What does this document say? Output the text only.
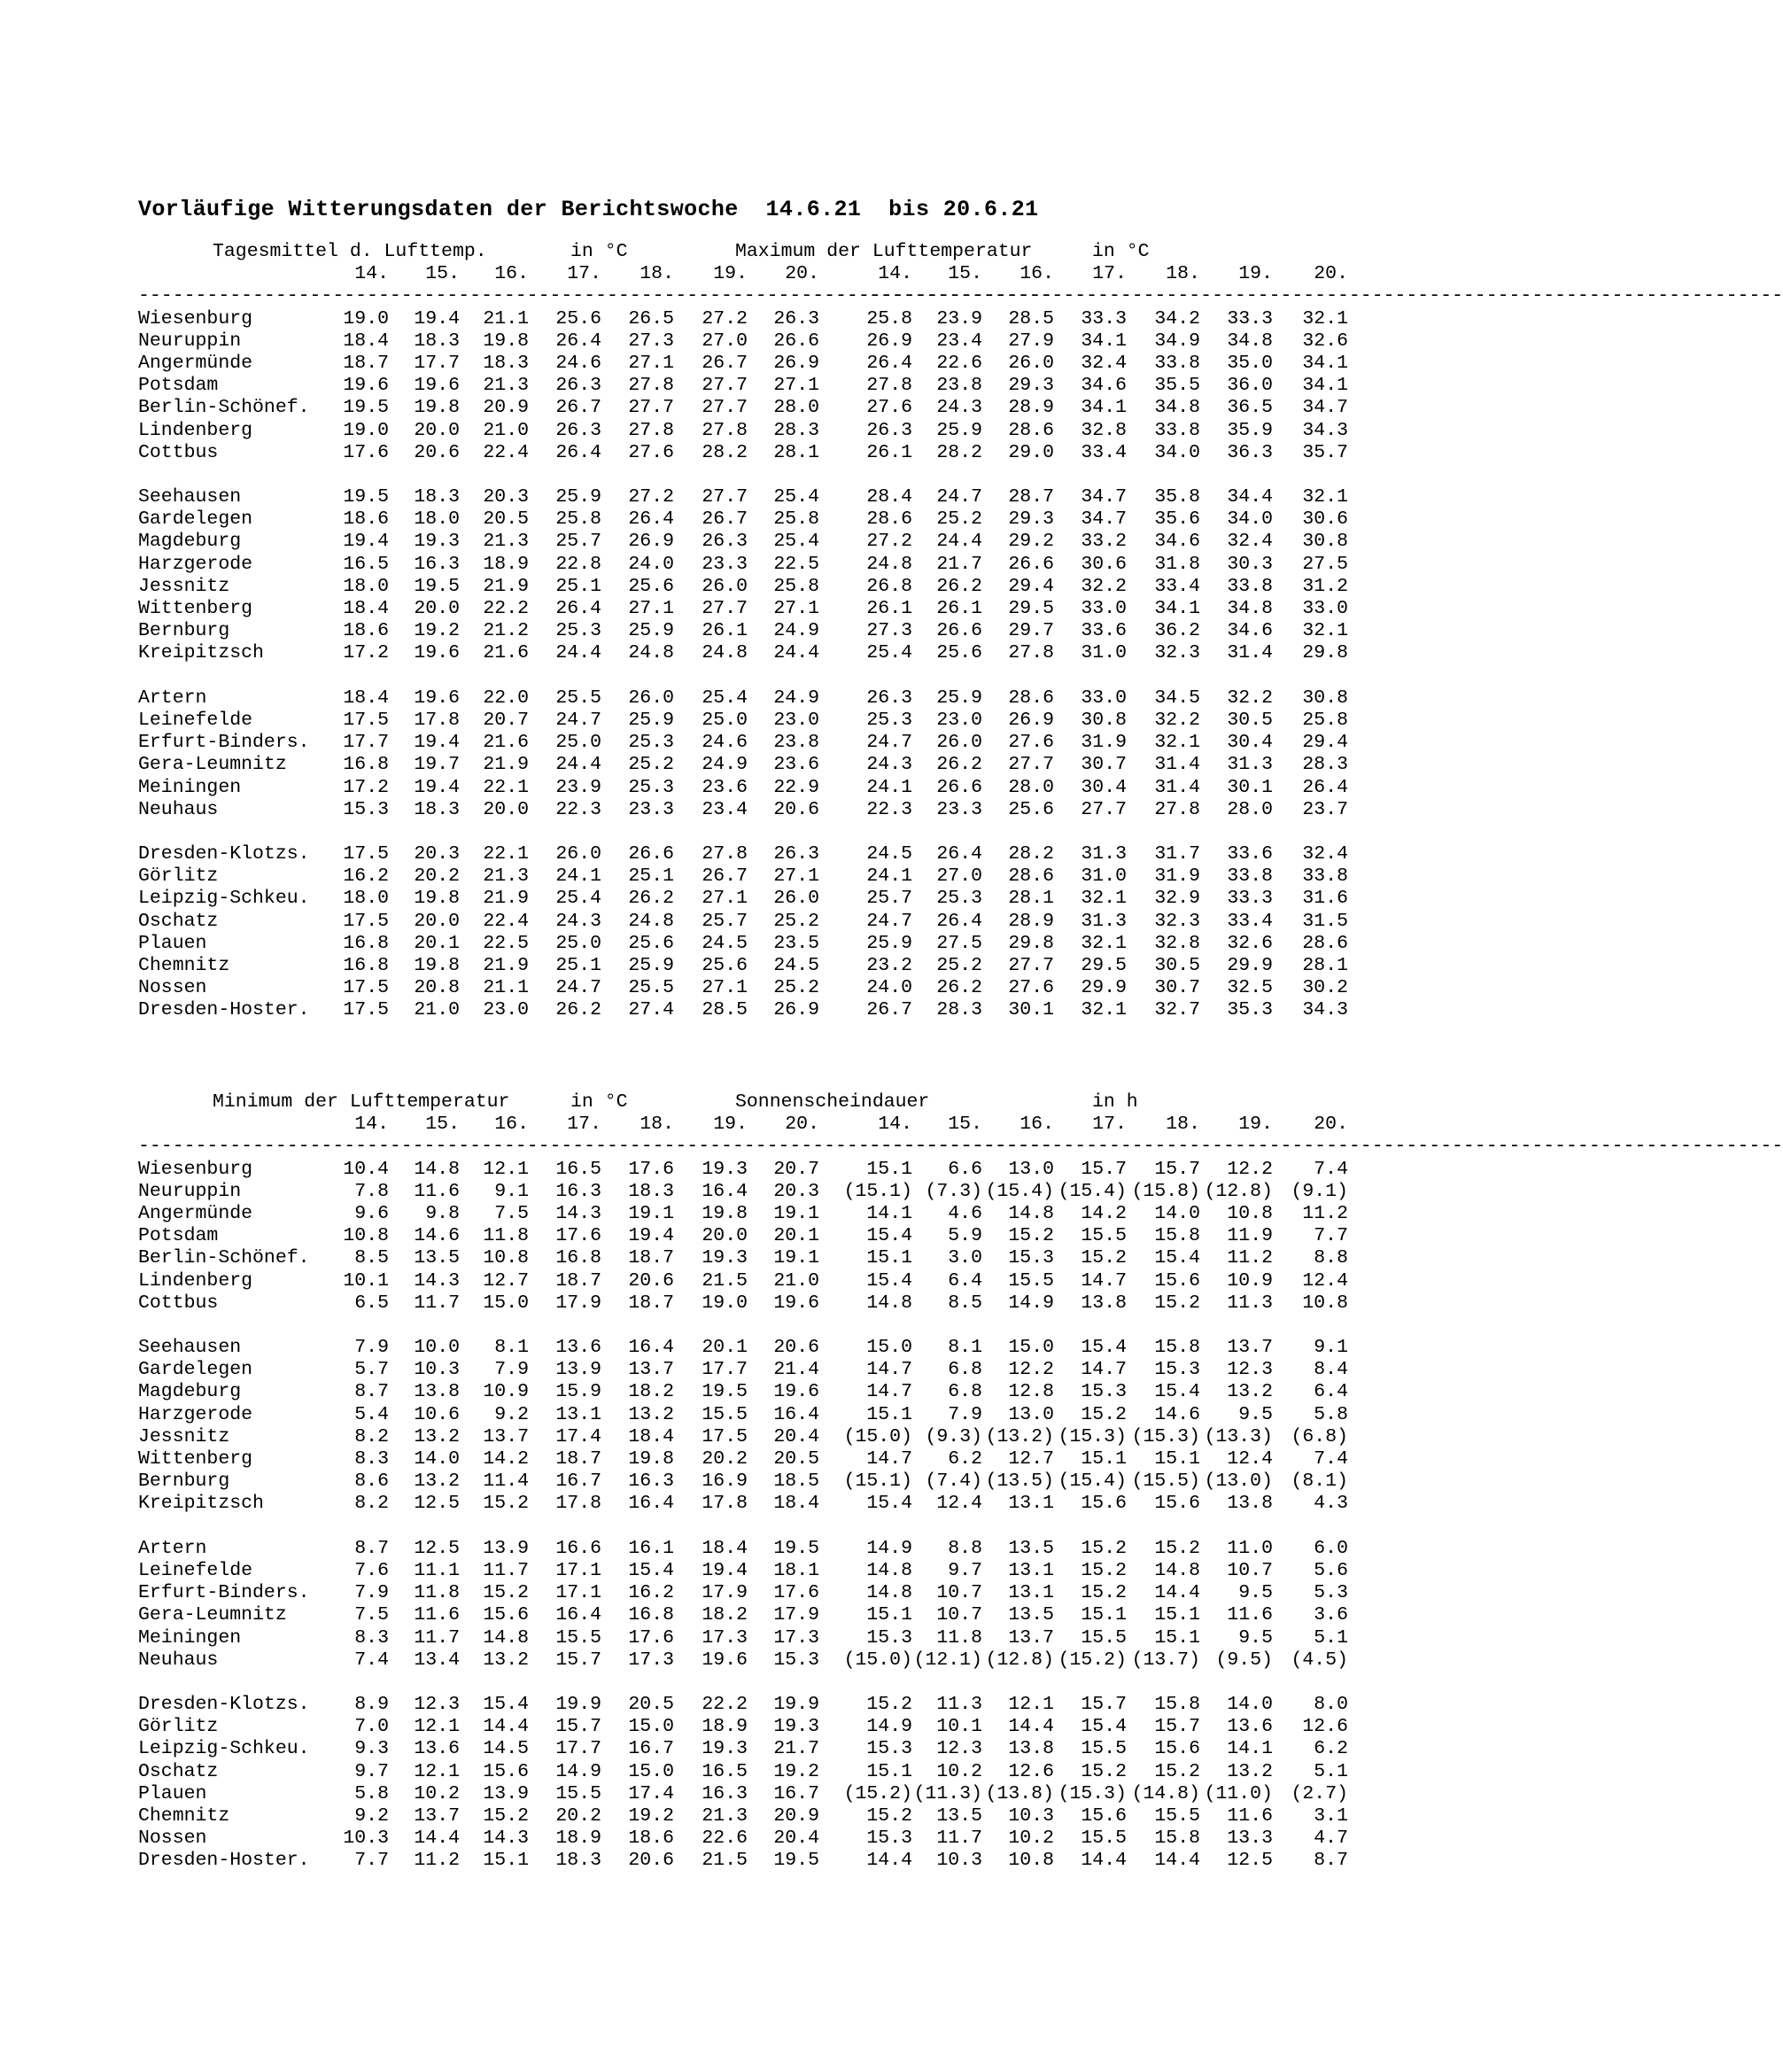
Vorläufige Witterungsdaten der Berichtswoche  14.6.21  bis 20.6.21
Tagesmittel d. Lufttemp.	in °C	Maximum der Lufttemperatur	in °C
14.	15.	16.	17.	18.	19.	20.	14.	15.	16.	17.	18.	19.	20.
--------------------------------------------------------------------------------
--------------------------------------------------------------------------------
Wiesenburg	19.0	19.4	21.1	25.6	26.5	27.2	26.3	25.8	23.9	28.5	33.3	34.2	33.3	32.1
Neuruppin	18.4	18.3	19.8	26.4	27.3	27.0	26.6	26.9	23.4	27.9	34.1	34.9	34.8	32.6
Angermünde	18.7	17.7	18.3	24.6	27.1	26.7	26.9	26.4	22.6	26.0	32.4	33.8	35.0	34.1
Potsdam	19.6	19.6	21.3	26.3	27.8	27.7	27.1	27.8	23.8	29.3	34.6	35.5	36.0	34.1
Berlin-Schönef.	19.5	19.8	20.9	26.7	27.7	27.7	28.0	27.6	24.3	28.9	34.1	34.8	36.5	34.7
Lindenberg	19.0	20.0	21.0	26.3	27.8	27.8	28.3	26.3	25.9	28.6	32.8	33.8	35.9	34.3
Cottbus	17.6	20.6	22.4	26.4	27.6	28.2	28.1	26.1	28.2	29.0	33.4	34.0	36.3	35.7
Seehausen	19.5	18.3	20.3	25.9	27.2	27.7	25.4	28.4	24.7	28.7	34.7	35.8	34.4	32.1
Gardelegen	18.6	18.0	20.5	25.8	26.4	26.7	25.8	28.6	25.2	29.3	34.7	35.6	34.0	30.6
Magdeburg	19.4	19.3	21.3	25.7	26.9	26.3	25.4	27.2	24.4	29.2	33.2	34.6	32.4	30.8
Harzgerode	16.5	16.3	18.9	22.8	24.0	23.3	22.5	24.8	21.7	26.6	30.6	31.8	30.3	27.5
Jessnitz	18.0	19.5	21.9	25.1	25.6	26.0	25.8	26.8	26.2	29.4	32.2	33.4	33.8	31.2
Wittenberg	18.4	20.0	22.2	26.4	27.1	27.7	27.1	26.1	26.1	29.5	33.0	34.1	34.8	33.0
Bernburg	18.6	19.2	21.2	25.3	25.9	26.1	24.9	27.3	26.6	29.7	33.6	36.2	34.6	32.1
Kreipitzsch	17.2	19.6	21.6	24.4	24.8	24.8	24.4	25.4	25.6	27.8	31.0	32.3	31.4	29.8
Artern	18.4	19.6	22.0	25.5	26.0	25.4	24.9	26.3	25.9	28.6	33.0	34.5	32.2	30.8
Leinefelde	17.5	17.8	20.7	24.7	25.9	25.0	23.0	25.3	23.0	26.9	30.8	32.2	30.5	25.8
Erfurt-Binders.	17.7	19.4	21.6	25.0	25.3	24.6	23.8	24.7	26.0	27.6	31.9	32.1	30.4	29.4
Gera-Leumnitz	16.8	19.7	21.9	24.4	25.2	24.9	23.6	24.3	26.2	27.7	30.7	31.4	31.3	28.3
Meiningen	17.2	19.4	22.1	23.9	25.3	23.6	22.9	24.1	26.6	28.0	30.4	31.4	30.1	26.4
Neuhaus	15.3	18.3	20.0	22.3	23.3	23.4	20.6	22.3	23.3	25.6	27.7	27.8	28.0	23.7
Dresden-Klotzs.	17.5	20.3	22.1	26.0	26.6	27.8	26.3	24.5	26.4	28.2	31.3	31.7	33.6	32.4
Görlitz	16.2	20.2	21.3	24.1	25.1	26.7	27.1	24.1	27.0	28.6	31.0	31.9	33.8	33.8
Leipzig-Schkeu.	18.0	19.8	21.9	25.4	26.2	27.1	26.0	25.7	25.3	28.1	32.1	32.9	33.3	31.6
Oschatz	17.5	20.0	22.4	24.3	24.8	25.7	25.2	24.7	26.4	28.9	31.3	32.3	33.4	31.5
Plauen	16.8	20.1	22.5	25.0	25.6	24.5	23.5	25.9	27.5	29.8	32.1	32.8	32.6	28.6
Chemnitz	16.8	19.8	21.9	25.1	25.9	25.6	24.5	23.2	25.2	27.7	29.5	30.5	29.9	28.1
Nossen	17.5	20.8	21.1	24.7	25.5	27.1	25.2	24.0	26.2	27.6	29.9	30.7	32.5	30.2
Dresden-Hoster.	17.5	21.0	23.0	26.2	27.4	28.5	26.9	26.7	28.3	30.1	32.1	32.7	35.3	34.3
Minimum der Lufttemperatur	in °C	Sonnenscheindauer	in h
14.	15.	16.	17.	18.	19.	20.	14.	15.	16.	17.	18.	19.	20.
--------------------------------------------------------------------------------
--------------------------------------------------------------------------------
Wiesenburg	10.4	14.8	12.1	16.5	17.6	19.3	20.7	15.1	6.6	13.0	15.7	15.7	12.2	7.4
Neuruppin	7.8	11.6	9.1	16.3	18.3	16.4	20.3	(15.1) (7.3) (15.4) (15.4) (15.8) (12.8) (9.1)
Angermünde	9.6	9.8	7.5	14.3	19.1	19.8	19.1	14.1	4.6	14.8	14.2	14.0	10.8	11.2
Potsdam	10.8	14.6	11.8	17.6	19.4	20.0	20.1	15.4	5.9	15.2	15.5	15.8	11.9	7.7
Berlin-Schönef.	8.5	13.5	10.8	16.8	18.7	19.3	19.1	15.1	3.0	15.3	15.2	15.4	11.2	8.8
Lindenberg	10.1	14.3	12.7	18.7	20.6	21.5	21.0	15.4	6.4	15.5	14.7	15.6	10.9	12.4
Cottbus	6.5	11.7	15.0	17.9	18.7	19.0	19.6	14.8	8.5	14.9	13.8	15.2	11.3	10.8
Seehausen	7.9	10.0	8.1	13.6	16.4	20.1	20.6	15.0	8.1	15.0	15.4	15.8	13.7	9.1
Gardelegen	5.7	10.3	7.9	13.9	13.7	17.7	21.4	14.7	6.8	12.2	14.7	15.3	12.3	8.4
Magdeburg	8.7	13.8	10.9	15.9	18.2	19.5	19.6	14.7	6.8	12.8	15.3	15.4	13.2	6.4
Harzgerode	5.4	10.6	9.2	13.1	13.2	15.5	16.4	15.1	7.9	13.0	15.2	14.6	9.5	5.8
Jessnitz	8.2	13.2	13.7	17.4	18.4	17.5	20.4	(15.0) (9.3) (13.2) (15.3) (15.3) (13.3) (6.8)
Wittenberg	8.3	14.0	14.2	18.7	19.8	20.2	20.5	14.7	6.2	12.7	15.1	15.1	12.4	7.4
Bernburg	8.6	13.2	11.4	16.7	16.3	16.9	18.5	(15.1) (7.4) (13.5) (15.4) (15.5) (13.0) (8.1)
Kreipitzsch	8.2	12.5	15.2	17.8	16.4	17.8	18.4	15.4	12.4	13.1	15.6	15.6	13.8	4.3
Artern	8.7	12.5	13.9	16.6	16.1	18.4	19.5	14.9	8.8	13.5	15.2	15.2	11.0	6.0
Leinefelde	7.6	11.1	11.7	17.1	15.4	19.4	18.1	14.8	9.7	13.1	15.2	14.8	10.7	5.6
Erfurt-Binders.	7.9	11.8	15.2	17.1	16.2	17.9	17.6	14.8	10.7	13.1	15.2	14.4	9.5	5.3
Gera-Leumnitz	7.5	11.6	15.6	16.4	16.8	18.2	17.9	15.1	10.7	13.5	15.1	15.1	11.6	3.6
Meiningen	8.3	11.7	14.8	15.5	17.6	17.3	17.3	15.3	11.8	13.7	15.5	15.1	9.5	5.1
Neuhaus	7.4	13.4	13.2	15.7	17.3	19.6	15.3	(15.0) (12.1) (12.8) (15.2) (13.7) (9.5) (4.5)
Dresden-Klotzs.	8.9	12.3	15.4	19.9	20.5	22.2	19.9	15.2	11.3	12.1	15.7	15.8	14.0	8.0
Görlitz	7.0	12.1	14.4	15.7	15.0	18.9	19.3	14.9	10.1	14.4	15.4	15.7	13.6	12.6
Leipzig-Schkeu.	9.3	13.6	14.5	17.7	16.7	19.3	21.7	15.3	12.3	13.8	15.5	15.6	14.1	6.2
Oschatz	9.7	12.1	15.6	14.9	15.0	16.5	19.2	15.1	10.2	12.6	15.2	15.2	13.2	5.1
Plauen	5.8	10.2	13.9	15.5	17.4	16.3	16.7	(15.2) (11.3) (13.8) (15.3) (14.8) (11.0) (2.7)
Chemnitz	9.2	13.7	15.2	20.2	19.2	21.3	20.9	15.2	13.5	10.3	15.6	15.5	11.6	3.1
Nossen	10.3	14.4	14.3	18.9	18.6	22.6	20.4	15.3	11.7	10.2	15.5	15.8	13.3	4.7
Dresden-Hoster.	7.7	11.2	15.1	18.3	20.6	21.5	19.5	14.4	10.3	10.8	14.4	14.4	12.5	8.7
